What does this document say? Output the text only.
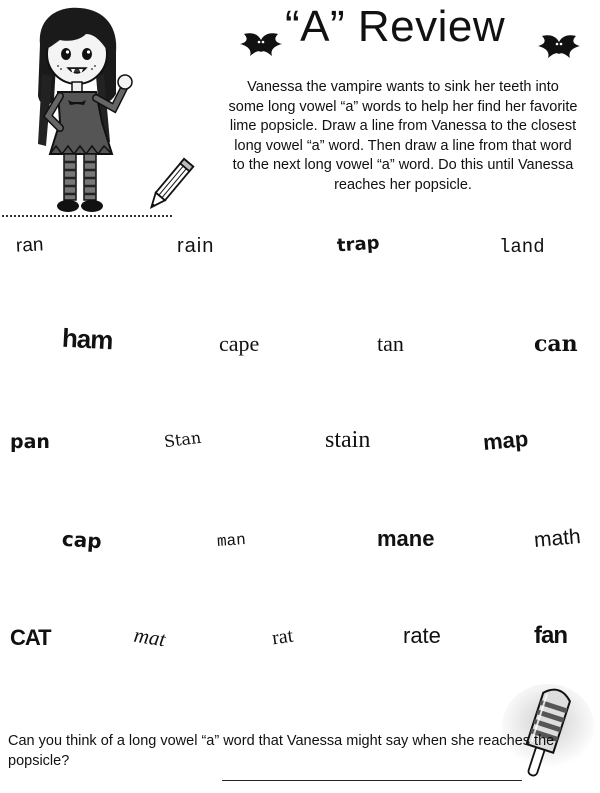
“A” Review
Vanessa the vampire wants to sink her teeth into some long vowel “a” words to help her find her favorite lime popsicle. Draw a line from Vanessa to the closest long vowel “a” word. Then draw a line from that word to the next long vowel “a” word. Do this until Vanessa reaches her popsicle.
ran	rain	trap	land
ham	cape	tan	can
pan	Stan	stain	map
cap	man	mane	math
CAT	mat	rat	rate	fan
Can you think of a long vowel “a” word that Vanessa might say when she reaches the popsicle?
